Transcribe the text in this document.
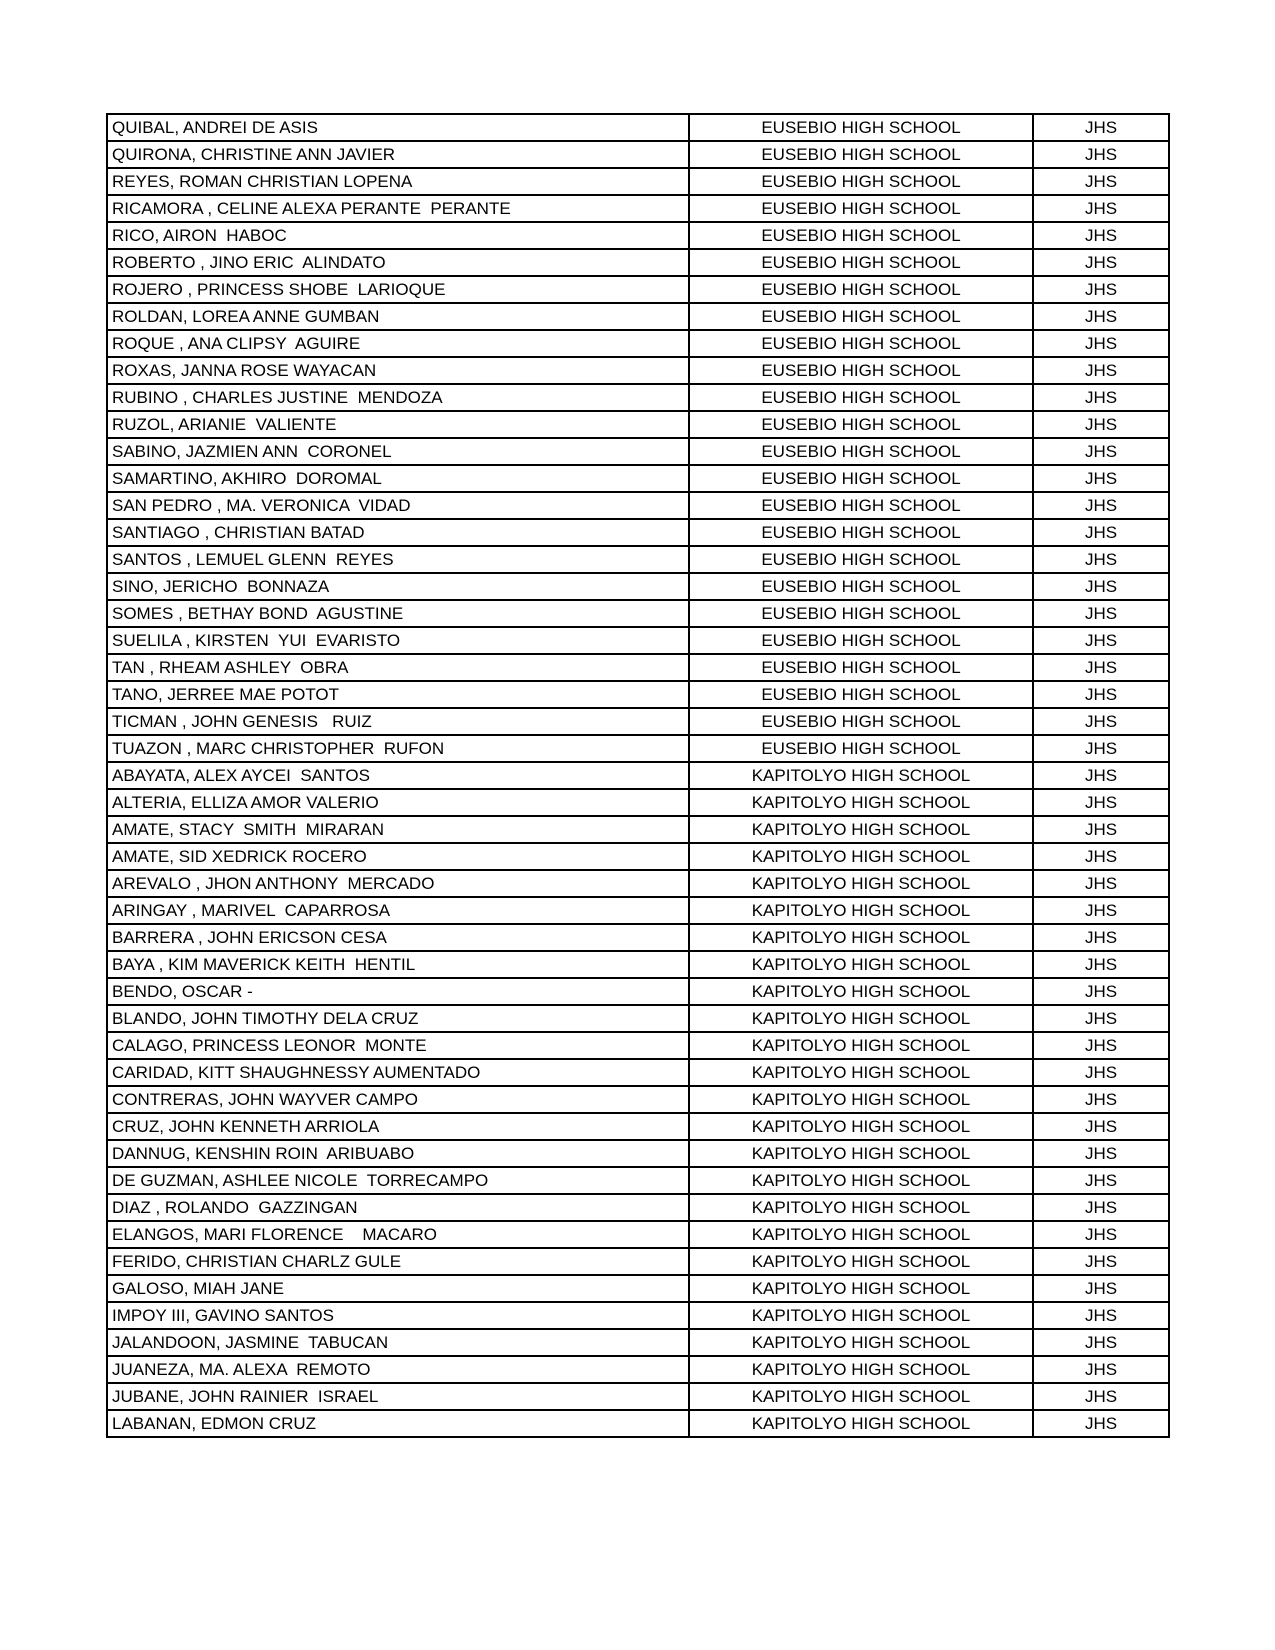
QUIBAL, ANDREI DE ASIS	EUSEBIO HIGH SCHOOL	JHS
QUIRONA, CHRISTINE ANN JAVIER	EUSEBIO HIGH SCHOOL	JHS
REYES, ROMAN CHRISTIAN LOPENA	EUSEBIO HIGH SCHOOL	JHS
RICAMORA , CELINE ALEXA PERANTE  PERANTE	EUSEBIO HIGH SCHOOL	JHS
RICO, AIRON  HABOC	EUSEBIO HIGH SCHOOL	JHS
ROBERTO , JINO ERIC  ALINDATO	EUSEBIO HIGH SCHOOL	JHS
ROJERO , PRINCESS SHOBE  LARIOQUE	EUSEBIO HIGH SCHOOL	JHS
ROLDAN, LOREA ANNE GUMBAN	EUSEBIO HIGH SCHOOL	JHS
ROQUE , ANA CLIPSY  AGUIRE	EUSEBIO HIGH SCHOOL	JHS
ROXAS, JANNA ROSE WAYACAN	EUSEBIO HIGH SCHOOL	JHS
RUBINO , CHARLES JUSTINE  MENDOZA	EUSEBIO HIGH SCHOOL	JHS
RUZOL, ARIANIE  VALIENTE	EUSEBIO HIGH SCHOOL	JHS
SABINO, JAZMIEN ANN  CORONEL	EUSEBIO HIGH SCHOOL	JHS
SAMARTINO, AKHIRO  DOROMAL	EUSEBIO HIGH SCHOOL	JHS
SAN PEDRO , MA. VERONICA  VIDAD	EUSEBIO HIGH SCHOOL	JHS
SANTIAGO , CHRISTIAN BATAD	EUSEBIO HIGH SCHOOL	JHS
SANTOS , LEMUEL GLENN  REYES	EUSEBIO HIGH SCHOOL	JHS
SINO, JERICHO  BONNAZA	EUSEBIO HIGH SCHOOL	JHS
SOMES , BETHAY BOND  AGUSTINE	EUSEBIO HIGH SCHOOL	JHS
SUELILA , KIRSTEN  YUI  EVARISTO	EUSEBIO HIGH SCHOOL	JHS
TAN , RHEAM ASHLEY  OBRA	EUSEBIO HIGH SCHOOL	JHS
TANO, JERREE MAE POTOT	EUSEBIO HIGH SCHOOL	JHS
TICMAN , JOHN GENESIS   RUIZ	EUSEBIO HIGH SCHOOL	JHS
TUAZON , MARC CHRISTOPHER  RUFON	EUSEBIO HIGH SCHOOL	JHS
ABAYATA, ALEX AYCEI  SANTOS	KAPITOLYO HIGH SCHOOL	JHS
ALTERIA, ELLIZA AMOR VALERIO	KAPITOLYO HIGH SCHOOL	JHS
AMATE, STACY  SMITH  MIRARAN	KAPITOLYO HIGH SCHOOL	JHS
AMATE, SID XEDRICK ROCERO	KAPITOLYO HIGH SCHOOL	JHS
AREVALO , JHON ANTHONY  MERCADO	KAPITOLYO HIGH SCHOOL	JHS
ARINGAY , MARIVEL  CAPARROSA	KAPITOLYO HIGH SCHOOL	JHS
BARRERA , JOHN ERICSON CESA	KAPITOLYO HIGH SCHOOL	JHS
BAYA , KIM MAVERICK KEITH  HENTIL	KAPITOLYO HIGH SCHOOL	JHS
BENDO, OSCAR -	KAPITOLYO HIGH SCHOOL	JHS
BLANDO, JOHN TIMOTHY DELA CRUZ	KAPITOLYO HIGH SCHOOL	JHS
CALAGO, PRINCESS LEONOR  MONTE	KAPITOLYO HIGH SCHOOL	JHS
CARIDAD, KITT SHAUGHNESSY AUMENTADO	KAPITOLYO HIGH SCHOOL	JHS
CONTRERAS, JOHN WAYVER CAMPO	KAPITOLYO HIGH SCHOOL	JHS
CRUZ, JOHN KENNETH ARRIOLA	KAPITOLYO HIGH SCHOOL	JHS
DANNUG, KENSHIN ROIN  ARIBUABO	KAPITOLYO HIGH SCHOOL	JHS
DE GUZMAN, ASHLEE NICOLE  TORRECAMPO	KAPITOLYO HIGH SCHOOL	JHS
DIAZ , ROLANDO  GAZZINGAN	KAPITOLYO HIGH SCHOOL	JHS
ELANGOS, MARI FLORENCE    MACARO	KAPITOLYO HIGH SCHOOL	JHS
FERIDO, CHRISTIAN CHARLZ GULE	KAPITOLYO HIGH SCHOOL	JHS
GALOSO, MIAH JANE	KAPITOLYO HIGH SCHOOL	JHS
IMPOY III, GAVINO SANTOS	KAPITOLYO HIGH SCHOOL	JHS
JALANDOON, JASMINE  TABUCAN	KAPITOLYO HIGH SCHOOL	JHS
JUANEZA, MA. ALEXA  REMOTO	KAPITOLYO HIGH SCHOOL	JHS
JUBANE, JOHN RAINIER  ISRAEL	KAPITOLYO HIGH SCHOOL	JHS
LABANAN, EDMON CRUZ	KAPITOLYO HIGH SCHOOL	JHS
